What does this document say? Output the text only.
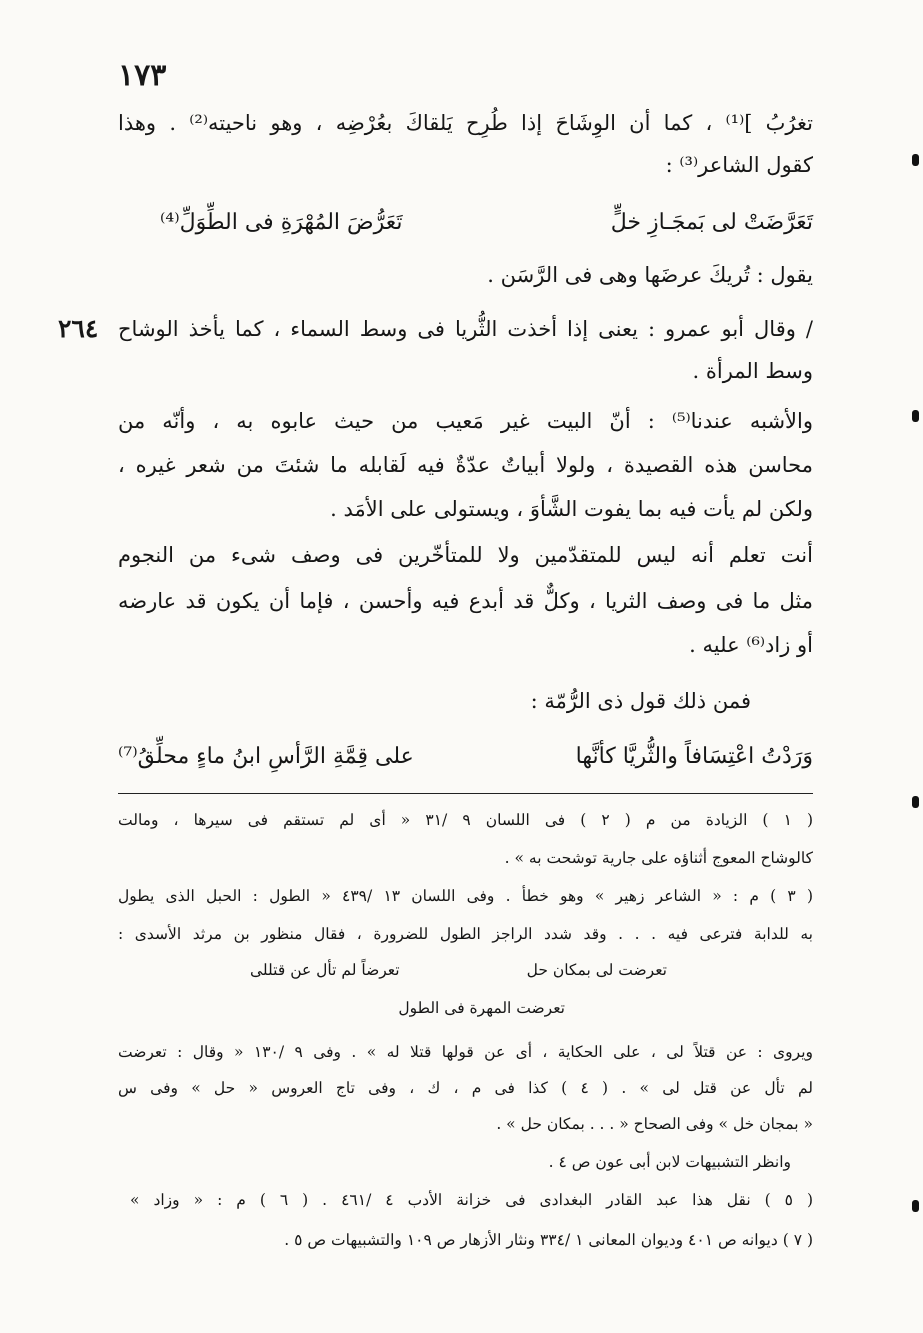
١٧٣
٢٦٤
تغرُبُ ]⁽¹⁾ ، كما أن الوِشَاحَ إذا طُرِح يَلقاكَ بعُرْضِه ، وهو ناحيته⁽²⁾ . وهذا
كقول الشاعر⁽³⁾ :
تَعَرَّضَتْ لى بَمجَـازِ خلٍّ
تَعَرُّضَ المُهْرَةِ فى الطِّوَلِّ⁽⁴⁾
يقول : تُريكَ عرضَها وهى فى الرَّسَن .
/ وقال أبو عمرو : يعنى إذا أخذت الثُّريا فى وسط السماء ، كما يأخذ الوشاح
وسط المرأة .
والأشبه عندنا⁽⁵⁾ : أنّ البيت غير مَعيب من حيث عابوه به ، وأنّه من
محاسن هذه القصيدة ، ولولا أبياتٌ عدّةٌ فيه لَقابله ما شئتَ من شعر غيره ،
ولكن لم يأت فيه بما يفوت الشَّأوَ ، ويستولى على الأمَد .
أنت تعلم أنه ليس للمتقدّمين ولا للمتأخّرين فى وصف شىء من النجوم
مثل ما فى وصف الثريا ، وكلٌّ قد أبدع فيه وأحسن ، فإما أن يكون قد عارضه
أو زاد⁽⁶⁾ عليه .
فمن ذلك قول ذى الرُّمّة :
وَرَدْتُ اعْتِسَافاً والثُّريَّا كأنَّها
على قِمَّةِ الرَّأسِ ابنُ ماءٍ محلِّقُ⁽⁷⁾
( ١ ) الزيادة من م ( ٢ ) فى اللسان ٩ /٣١ « أى لم تستقم فى سيرها ، ومالت
كالوشاح المعوج أثناؤه على جارية توشحت به » .
( ٣ ) م : « الشاعر زهير » وهو خطأ . وفى اللسان ١٣ /٤٣٩ « الطول : الحبل الذى يطول
به للدابة فترعى فيه . . . وقد شدد الراجز الطول للضرورة ، فقال منظور بن مرثد الأسدى :
تعرضت لى بمكان حل
تعرضاً لم تأل عن قتللى
تعرضت المهرة فى الطول
ويروى : عن قتلاً لى ، على الحكاية ، أى عن قولها قتلا له » . وفى ٩ /١٣٠ « وقال : تعرضت
لم تأل عن قتل لى » . ( ٤ ) كذا فى م ، ك ، وفى تاج العروس « حل » وفى س
« بمجان خل » وفى الصحاح « . . . بمكان حل » .
وانظر التشبيهات لابن أبى عون ص ٤ .
( ٥ ) نقل هذا عبد القادر البغدادى فى خزانة الأدب ٤ /٤٦١ . ( ٦ ) م : « وزاد »
( ٧ ) ديوانه ص ٤٠١ وديوان المعانى ١ /٣٣٤ ونثار الأزهار ص ١٠٩ والتشبيهات ص ٥ .
